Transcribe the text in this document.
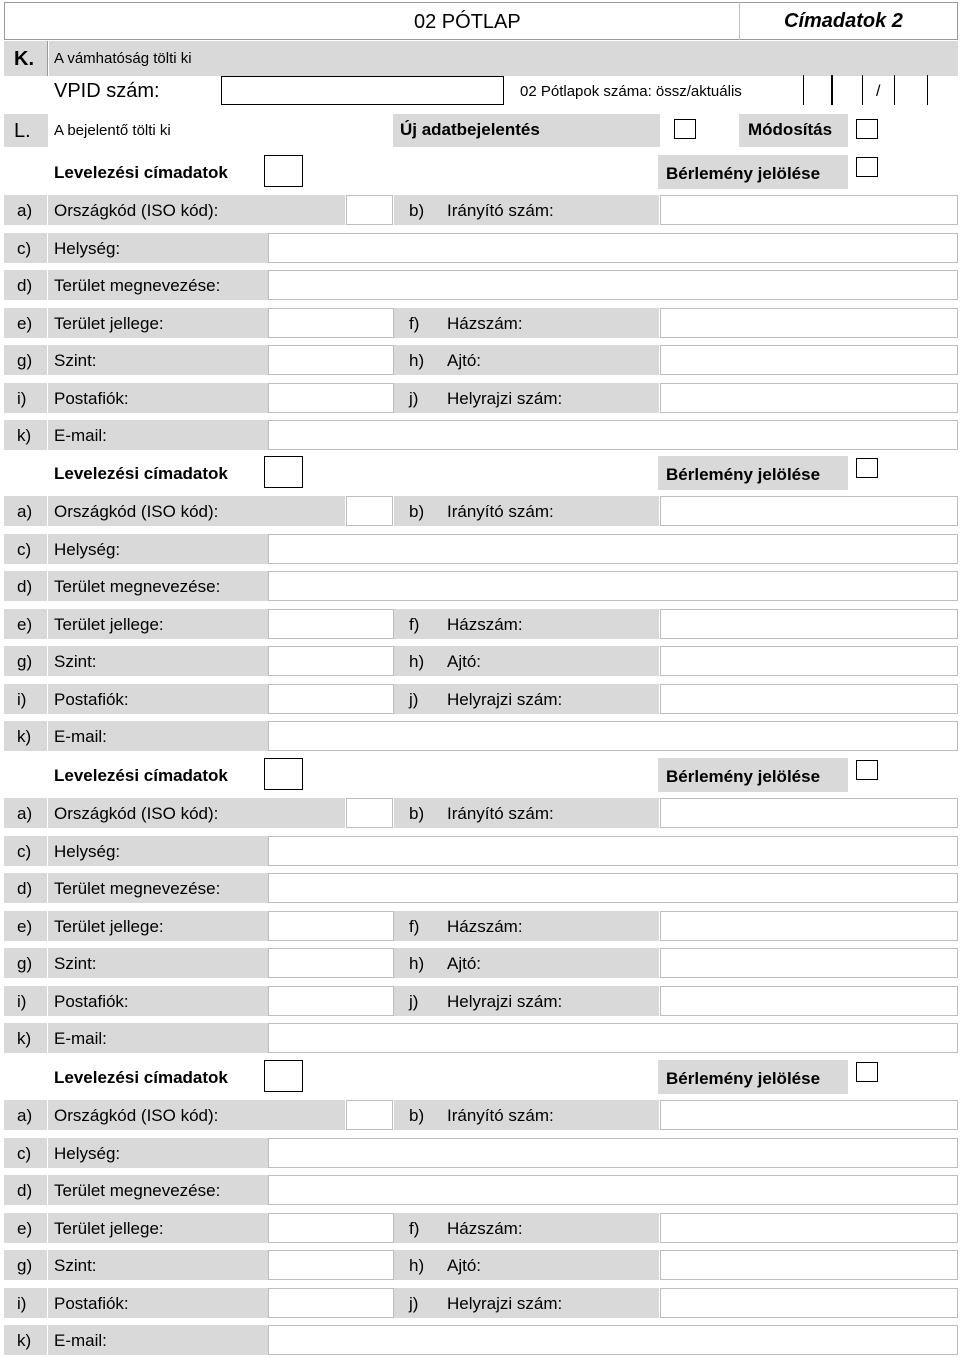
02 PÓTLAP	Címadatok 2
K. A vámhatóság tölti ki
VPID szám:	02 Pótlapok száma: össz/aktuális	/
L. A bejelentő tölti ki	Új adatbejelentés	Módosítás
Levelezési címadatok	Bérlemény jelölése
a) Országkód (ISO kód):	b) Irányító szám:
c) Helység:
d) Terület megnevezése:
e) Terület jellege:	f) Házszám:
g) Szint:	h) Ajtó:
i) Postafiók:	j) Helyrajzi szám:
k) E-mail:
Levelezési címadatok	Bérlemény jelölése
a) Országkód (ISO kód):	b) Irányító szám:
c) Helység:
d) Terület megnevezése:
e) Terület jellege:	f) Házszám:
g) Szint:	h) Ajtó:
i) Postafiók:	j) Helyrajzi szám:
k) E-mail:
Levelezési címadatok	Bérlemény jelölése
a) Országkód (ISO kód):	b) Irányító szám:
c) Helység:
d) Terület megnevezése:
e) Terület jellege:	f) Házszám:
g) Szint:	h) Ajtó:
i) Postafiók:	j) Helyrajzi szám:
k) E-mail:
Levelezési címadatok	Bérlemény jelölése
a) Országkód (ISO kód):	b) Irányító szám:
c) Helység:
d) Terület megnevezése:
e) Terület jellege:	f) Házszám:
g) Szint:	h) Ajtó:
i) Postafiók:	j) Helyrajzi szám:
k) E-mail:
